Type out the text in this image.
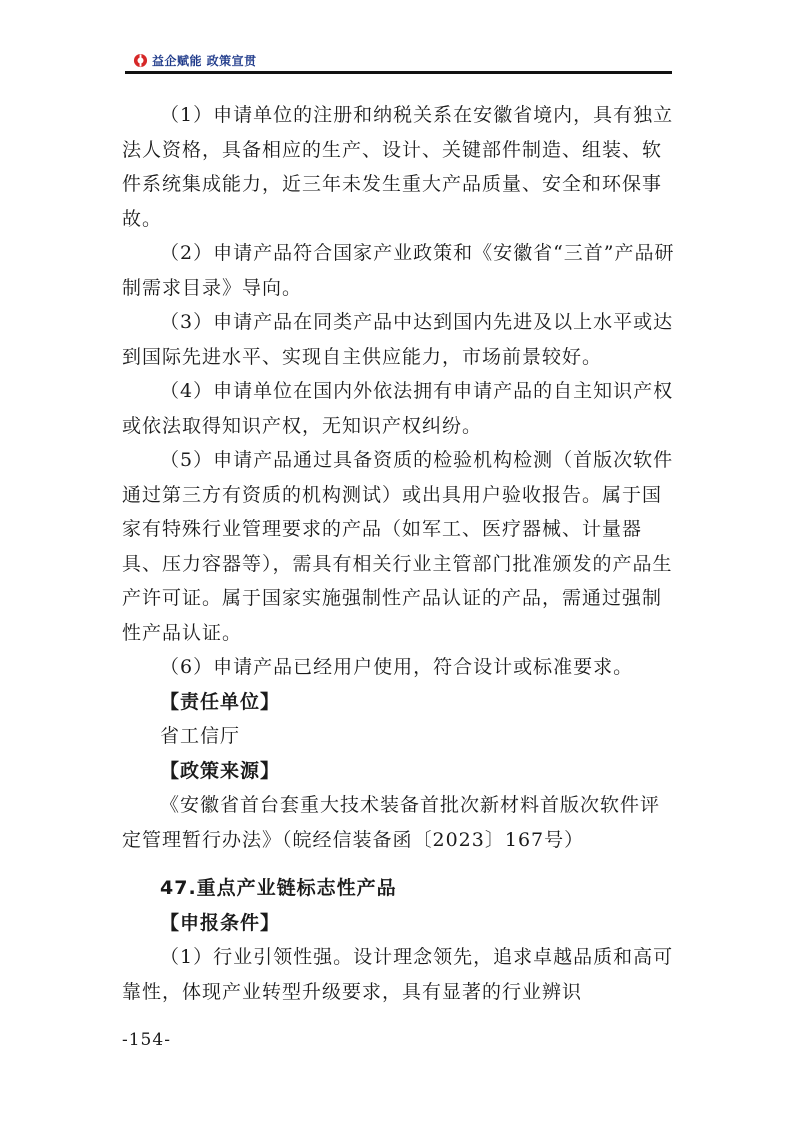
益企赋能 政策宣贯

（1）申请单位的注册和纳税关系在安徽省境内，具有独立法人资格，具备相应的生产、设计、关键部件制造、组装、软件系统集成能力，近三年未发生重大产品质量、安全和环保事故。

（2）申请产品符合国家产业政策和《安徽省“三首”产品研制需求目录》导向。

（3）申请产品在同类产品中达到国内先进及以上水平或达到国际先进水平、实现自主供应能力，市场前景较好。

（4）申请单位在国内外依法拥有申请产品的自主知识产权或依法取得知识产权，无知识产权纠纷。

（5）申请产品通过具备资质的检验机构检测（首版次软件通过第三方有资质的机构测试）或出具用户验收报告。属于国家有特殊行业管理要求的产品（如军工、医疗器械、计量器具、压力容器等），需具有相关行业主管部门批准颁发的产品生产许可证。属于国家实施强制性产品认证的产品，需通过强制性产品认证。

（6）申请产品已经用户使用，符合设计或标准要求。

【责任单位】

省工信厅

【政策来源】

《安徽省首台套重大技术装备首批次新材料首版次软件评定管理暂行办法》（皖经信装备函〔2023〕167号）

47.重点产业链标志性产品

【申报条件】

（1）行业引领性强。设计理念领先，追求卓越品质和高可靠性，体现产业转型升级要求，具有显著的行业辨识

-154-
